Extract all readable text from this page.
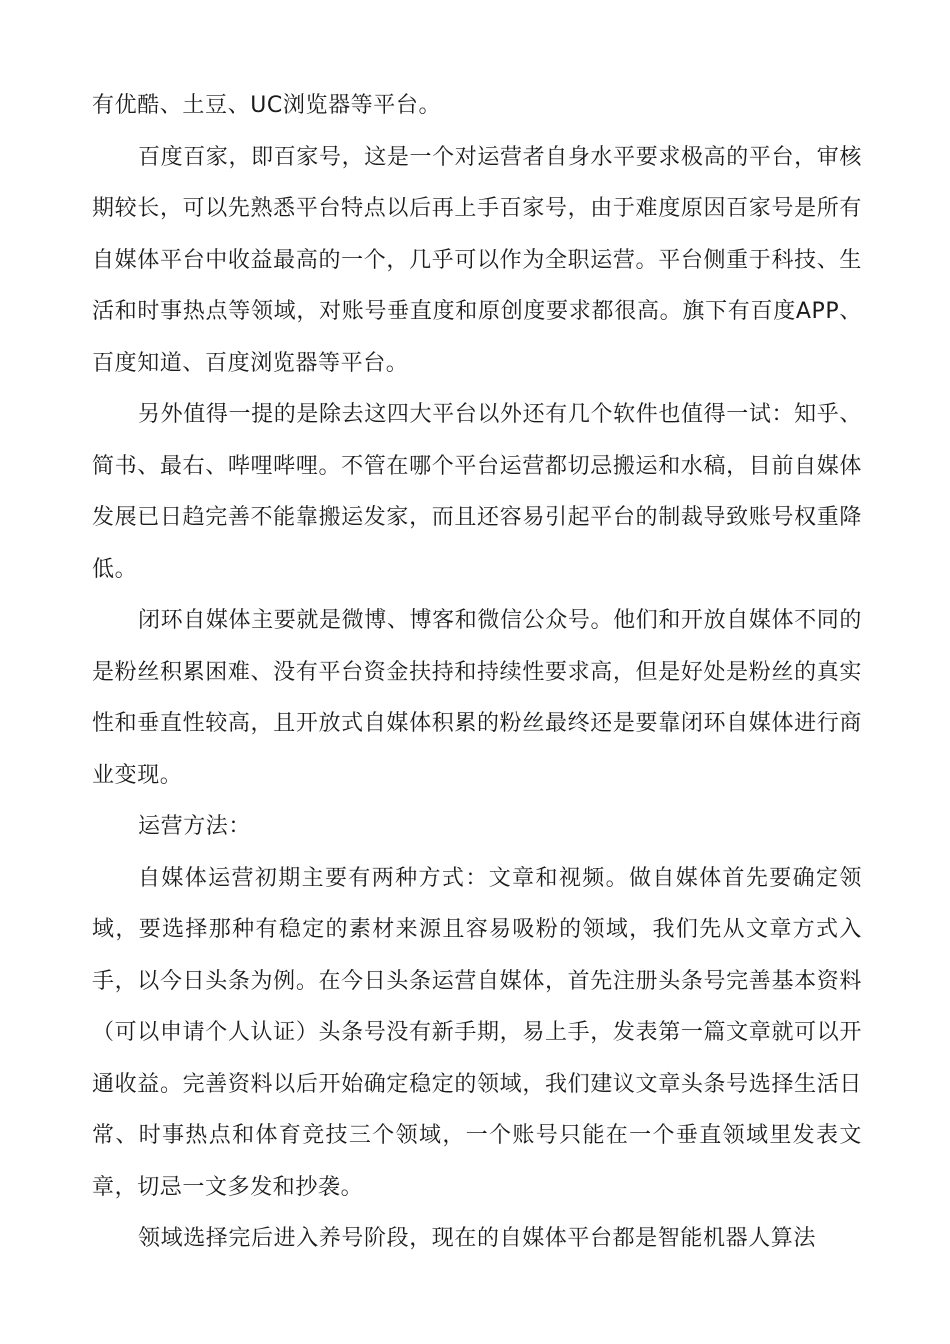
有优酷、土豆、UC浏览器等平台。

百度百家，即百家号，这是一个对运营者自身水平要求极高的平台，审核期较长，可以先熟悉平台特点以后再上手百家号，由于难度原因百家号是所有自媒体平台中收益最高的一个，几乎可以作为全职运营。平台侧重于科技、生活和时事热点等领域，对账号垂直度和原创度要求都很高。旗下有百度APP、百度知道、百度浏览器等平台。

另外值得一提的是除去这四大平台以外还有几个软件也值得一试：知乎、简书、最右、哔哩哔哩。不管在哪个平台运营都切忌搬运和水稿，目前自媒体发展已日趋完善不能靠搬运发家，而且还容易引起平台的制裁导致账号权重降低。

闭环自媒体主要就是微博、博客和微信公众号。他们和开放自媒体不同的是粉丝积累困难、没有平台资金扶持和持续性要求高，但是好处是粉丝的真实性和垂直性较高，且开放式自媒体积累的粉丝最终还是要靠闭环自媒体进行商业变现。

运营方法：

自媒体运营初期主要有两种方式：文章和视频。做自媒体首先要确定领域，要选择那种有稳定的素材来源且容易吸粉的领域，我们先从文章方式入手，以今日头条为例。在今日头条运营自媒体，首先注册头条号完善基本资料（可以申请个人认证）头条号没有新手期，易上手，发表第一篇文章就可以开通收益。完善资料以后开始确定稳定的领域，我们建议文章头条号选择生活日常、时事热点和体育竞技三个领域，一个账号只能在一个垂直领域里发表文章，切忌一文多发和抄袭。

领域选择完后进入养号阶段，现在的自媒体平台都是智能机器人算法
